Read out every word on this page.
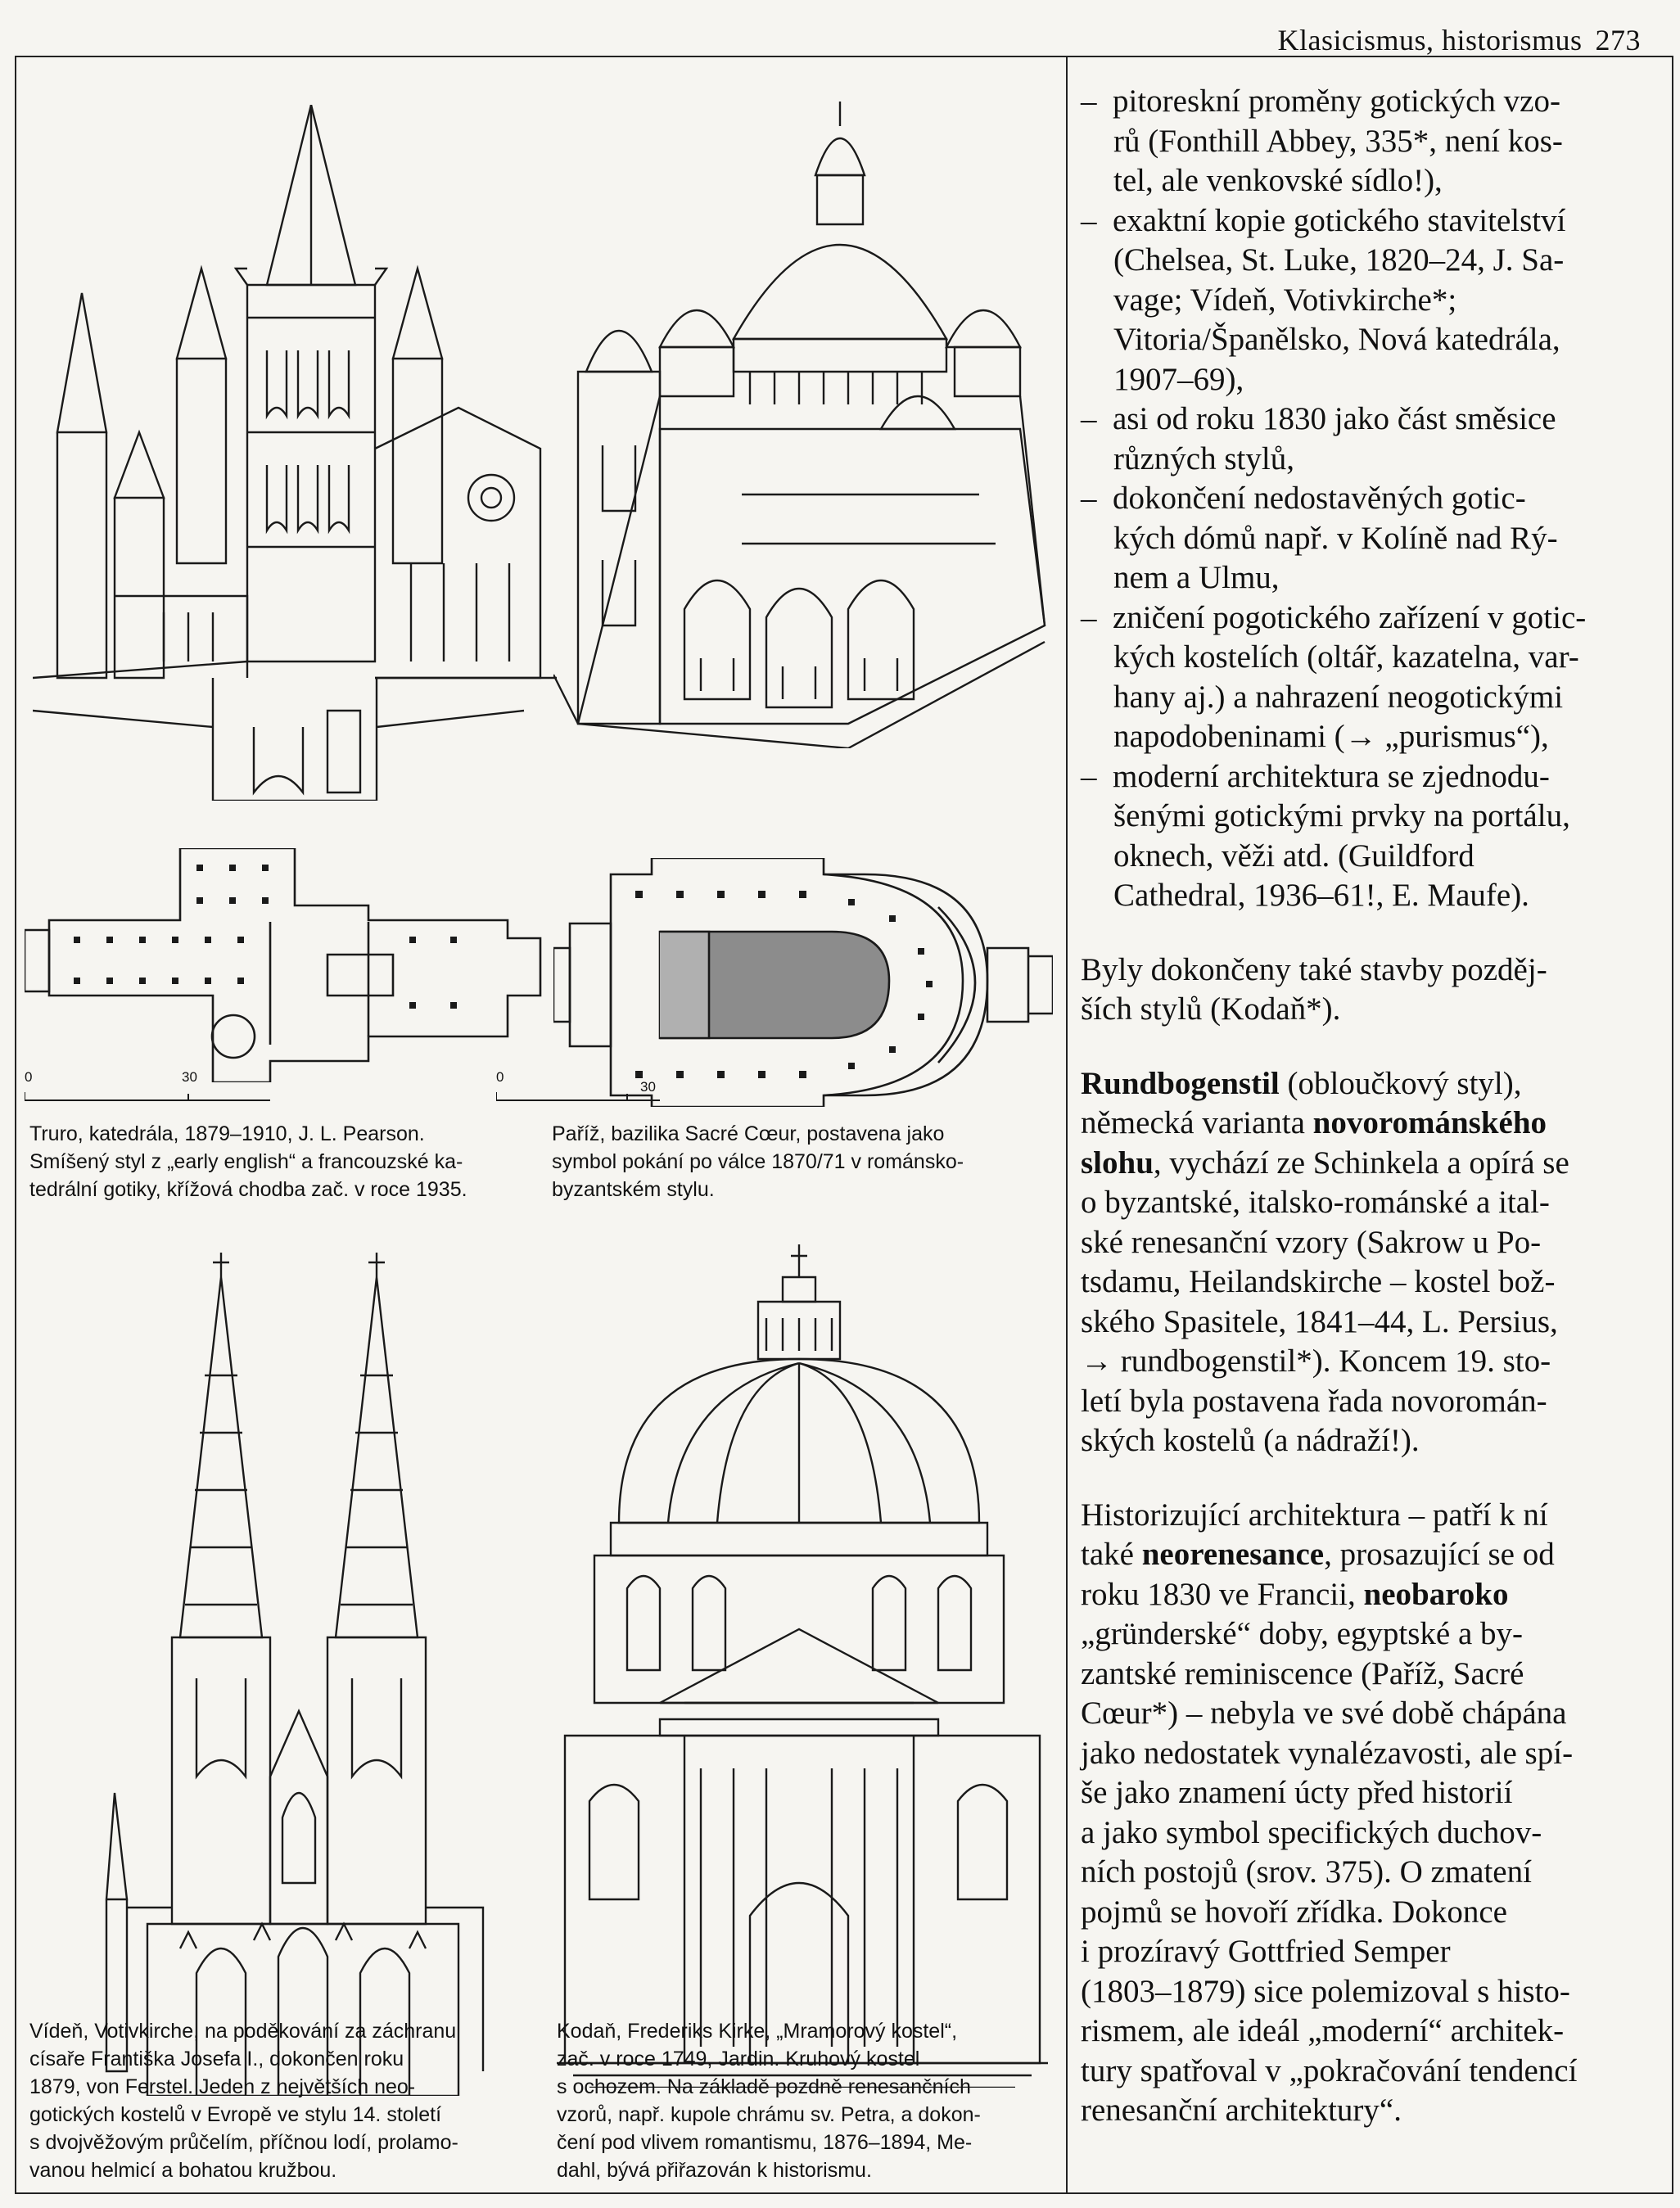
Klasicismus, historismus 273
0	30	0
30
Truro, katedrála, 1879–1910, J. L. Pearson.
Smíšený styl z „early english“ a francouzské ka-
tedrální gotiky, křížová chodba zač. v roce 1935.
Paříž, bazilika Sacré Cœur, postavena jako
symbol pokání po válce 1870/71 v románsko-
byzantském stylu.
Vídeň, Votivkirche, na poděkování za záchranu
císaře Františka Josefa I., dokončen roku
1879, von Ferstel. Jeden z největších neo-
gotických kostelů v Evropě ve stylu 14. století
s dvojvěžovým průčelím, příčnou lodí, prolamo-
vanou helmicí a bohatou kružbou.
Kodaň, Frederiks Kirke, „Mramorový kostel“,
zač. v roce 1749, Jardin. Kruhový kostel
s ochozem. Na základě pozdně renesančních
vzorů, např. kupole chrámu sv. Petra, a dokon-
čení pod vlivem romantismu, 1876–1894, Me-
dahl, bývá přiřazován k historismu.
–  pitoreskní proměny gotických vzo-
rů (Fonthill Abbey, 335*, není kos-
tel, ale venkovské sídlo!),
–  exaktní kopie gotického stavitelství
(Chelsea, St. Luke, 1820–24, J. Sa-
vage; Vídeň, Votivkirche*;
Vitoria/Španělsko, Nová katedrála,
1907–69),
–  asi od roku 1830 jako část směsice
různých stylů,
–  dokončení nedostavěných gotic-
kých dómů např. v Kolíně nad Rý-
nem a Ulmu,
–  zničení pogotického zařízení v gotic-
kých kostelích (oltář, kazatelna, var-
hany aj.) a nahrazení neogotickými
napodobeninami (→ „purismus“),
–  moderní architektura se zjednodu-
šenými gotickými prvky na portálu,
oknech, věži atd. (Guildford
Cathedral, 1936–61!, E. Maufe).

Byly dokončeny také stavby pozděj-
ších stylů (Kodaň*).

Rundbogenstil (obloučkový styl),
německá varianta novorománského
slohu, vychází ze Schinkela a opírá se
o byzantské, italsko-románské a ital-
ské renesanční vzory (Sakrow u Po-
tsdamu, Heilandskirche – kostel bož-
ského Spasitele, 1841–44, L. Persius,
→ rundbogenstil*). Koncem 19. sto-
letí byla postavena řada novoromán-
ských kostelů (a nádraží!).

Historizující architektura – patří k ní
také neorenesance, prosazující se od
roku 1830 ve Francii, neobaroko
„gründerské“ doby, egyptské a by-
zantské reminiscence (Paříž, Sacré
Cœur*) – nebyla ve své době chápána
jako nedostatek vynalézavosti, ale spí-
še jako znamení úcty před historií
a jako symbol specifických duchov-
ních postojů (srov. 375). O zmatení
pojmů se hovoří zřídka. Dokonce
i prozíravý Gottfried Semper
(1803–1879) sice polemizoval s histo-
rismem, ale ideál „moderní“ architek-
tury spatřoval v „pokračování tendencí
renesanční architektury“.
